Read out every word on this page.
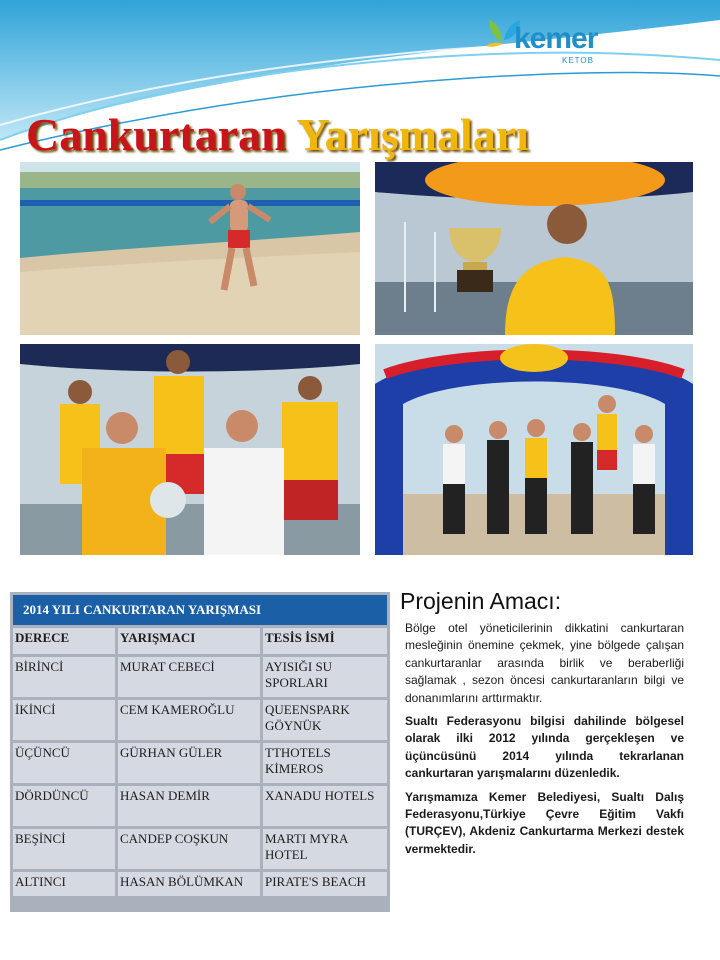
kemer
KETOB
Cankurtaran Yarışmaları
2014 YILI CANKURTARAN YARIŞMASI		
DERECE	YARIŞMACI	TESİS İSMİ
BİRİNCİ	MURAT CEBECİ	AYISIĞI SU SPORLARI
İKİNCİ	CEM KAMEROĞLU	QUEENSPARK GÖYNÜK
ÜÇÜNCÜ	GÜRHAN GÜLER	TTHOTELS KİMEROS
DÖRDÜNCÜ	HASAN DEMİR	XANADU HOTELS
BEŞİNCİ	CANDEP COŞKUN	MARTI MYRA HOTEL
ALTINCI	HASAN BÖLÜMKAN	PIRATE'S BEACH
Projenin Amacı:

Bölge otel yöneticilerinin dikkatini cankurtaran mesleğinin önemine çekmek, yine bölgede çalışan cankurtaranlar arasında birlik ve beraberliği sağlamak , sezon öncesi cankurtaranların bilgi ve donanımlarını arttırmaktır.

Sualtı Federasyonu bilgisi dahilinde bölgesel olarak ilki 2012 yılında gerçekleşen ve üçüncüsünü 2014 yılında tekrarlanan cankurtaran yarışmalarını düzenledik.

Yarışmamıza Kemer Belediyesi, Sualtı Dalış Federasyonu,Türkiye Çevre Eğitim Vakfı (TURÇEV), Akdeniz Cankurtarma Merkezi destek vermektedir.
